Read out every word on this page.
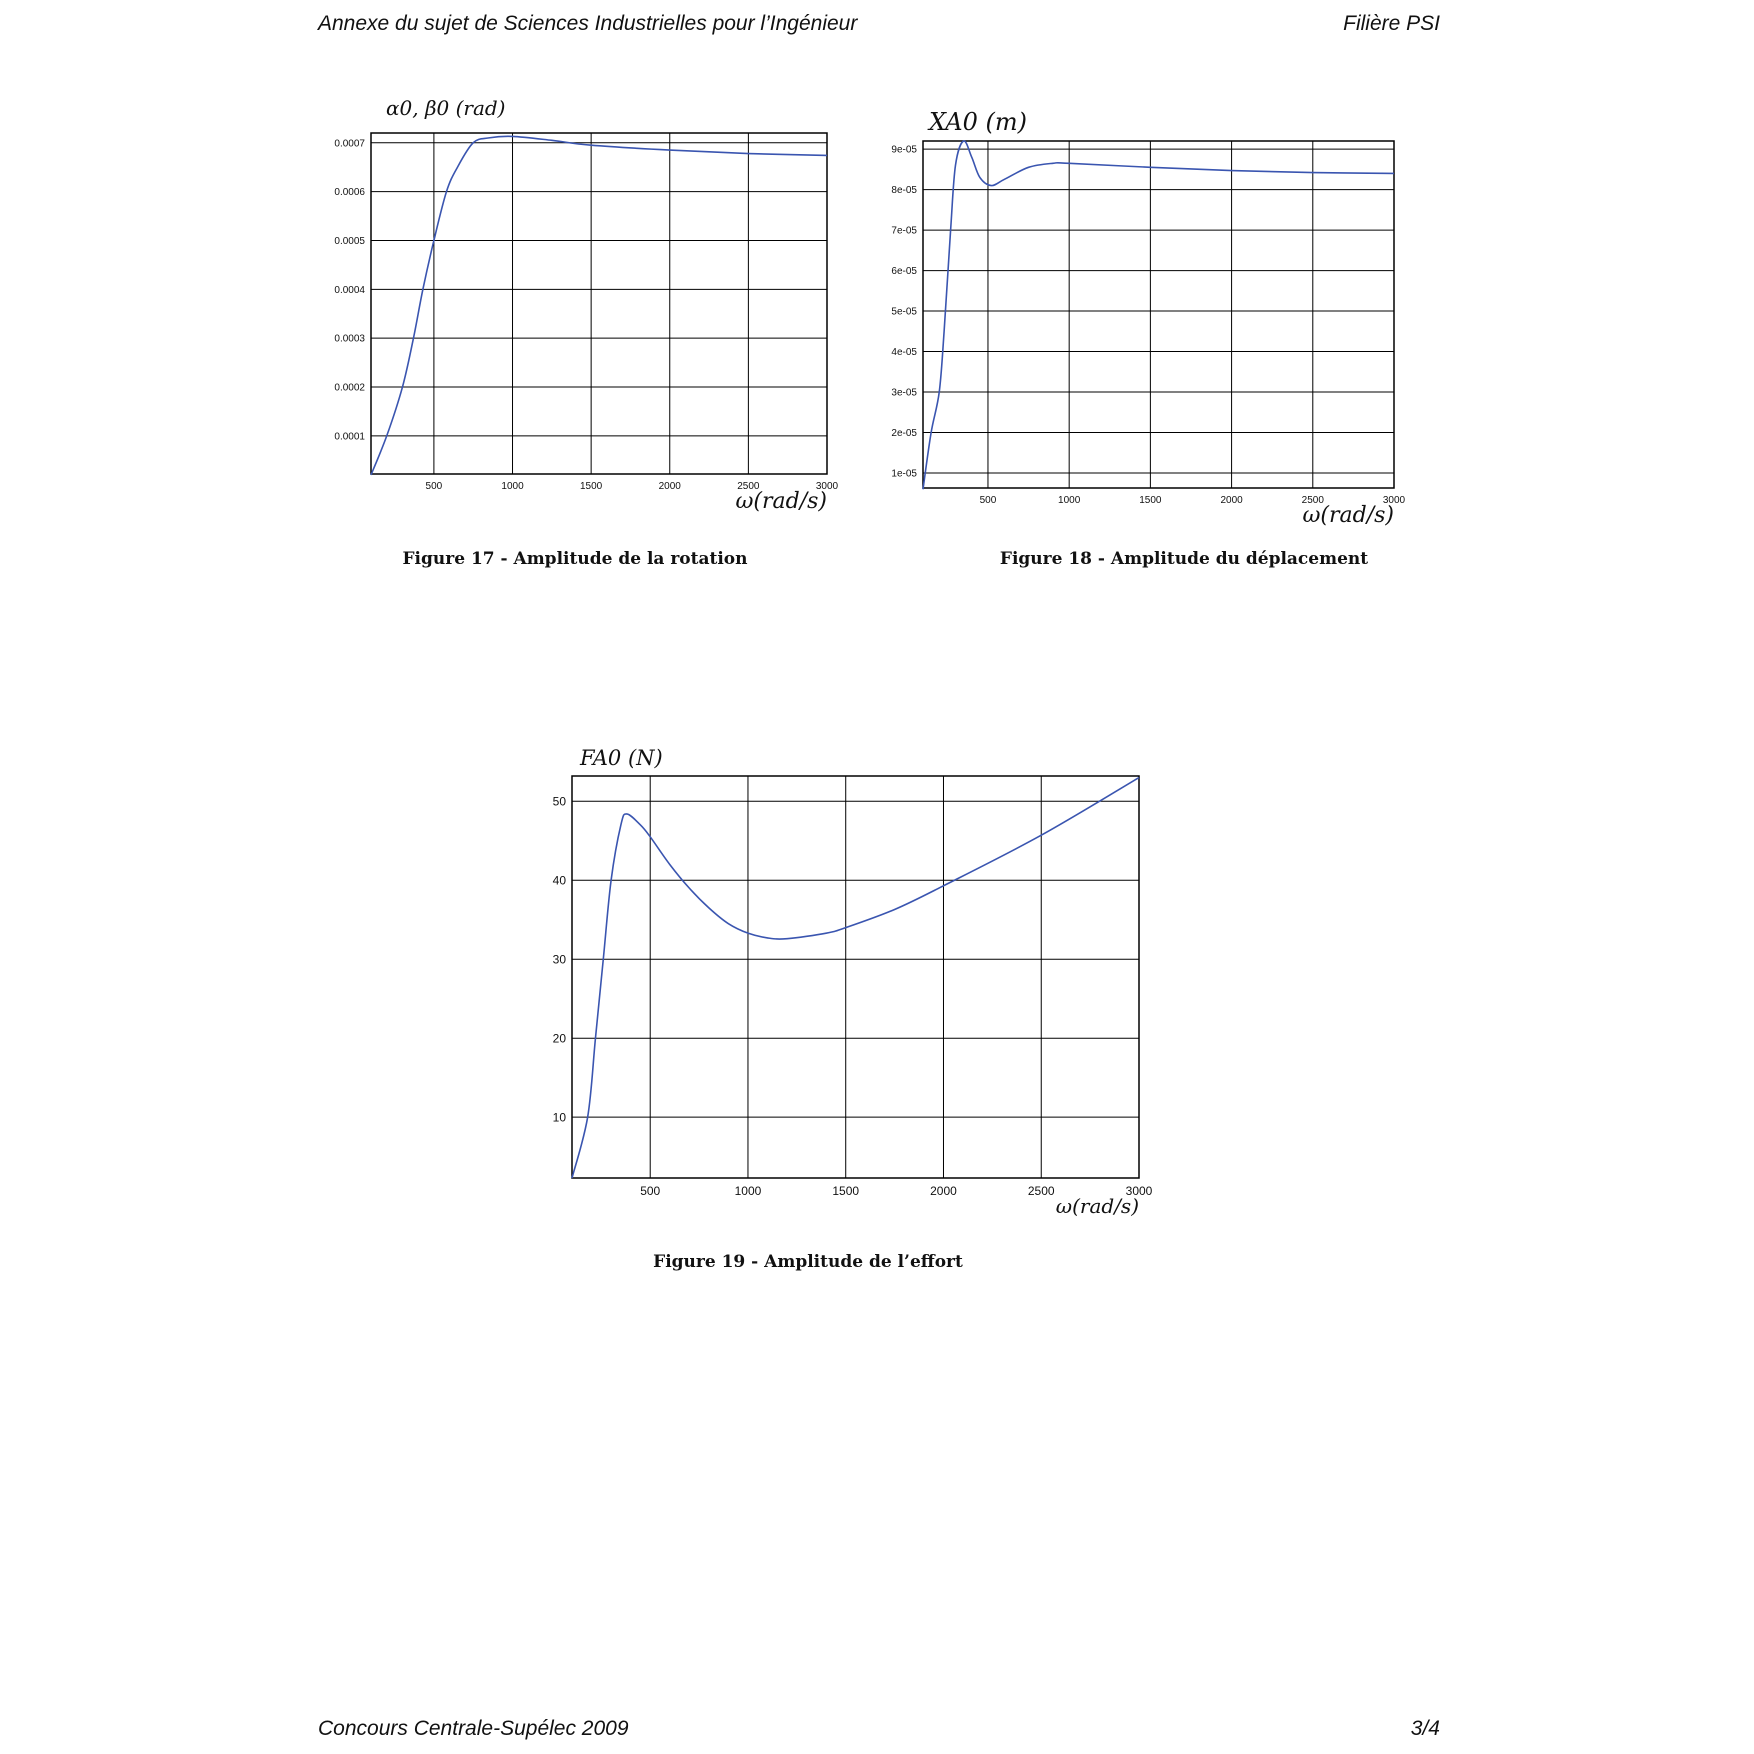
Annexe du sujet de Sciences Industrielles pour l’Ingénieur	Filière PSI
500	1000	1500	2000	2500	3000
0.0001
0.0002
0.0003
0.0004
0.0005
0.0006
0.0007
ω(rad/s)	500	1000	1500	2000	2500	3000
1e-05
2e-05
3e-05
4e-05
5e-05
6e-05
7e-05
8e-05
9e-05
ω(rad/s)
500	1000	1500	2000	2500	3000
10
20
30
40
50
ω(rad/s)
α0, β0 (rad)	XA0 (m)
FA0 (N)
Figure 17 - Amplitude de la rotation	Figure 18 - Amplitude du déplacement
Figure 19 - Amplitude de l’effort
Concours Centrale-Supélec 2009	3/4
